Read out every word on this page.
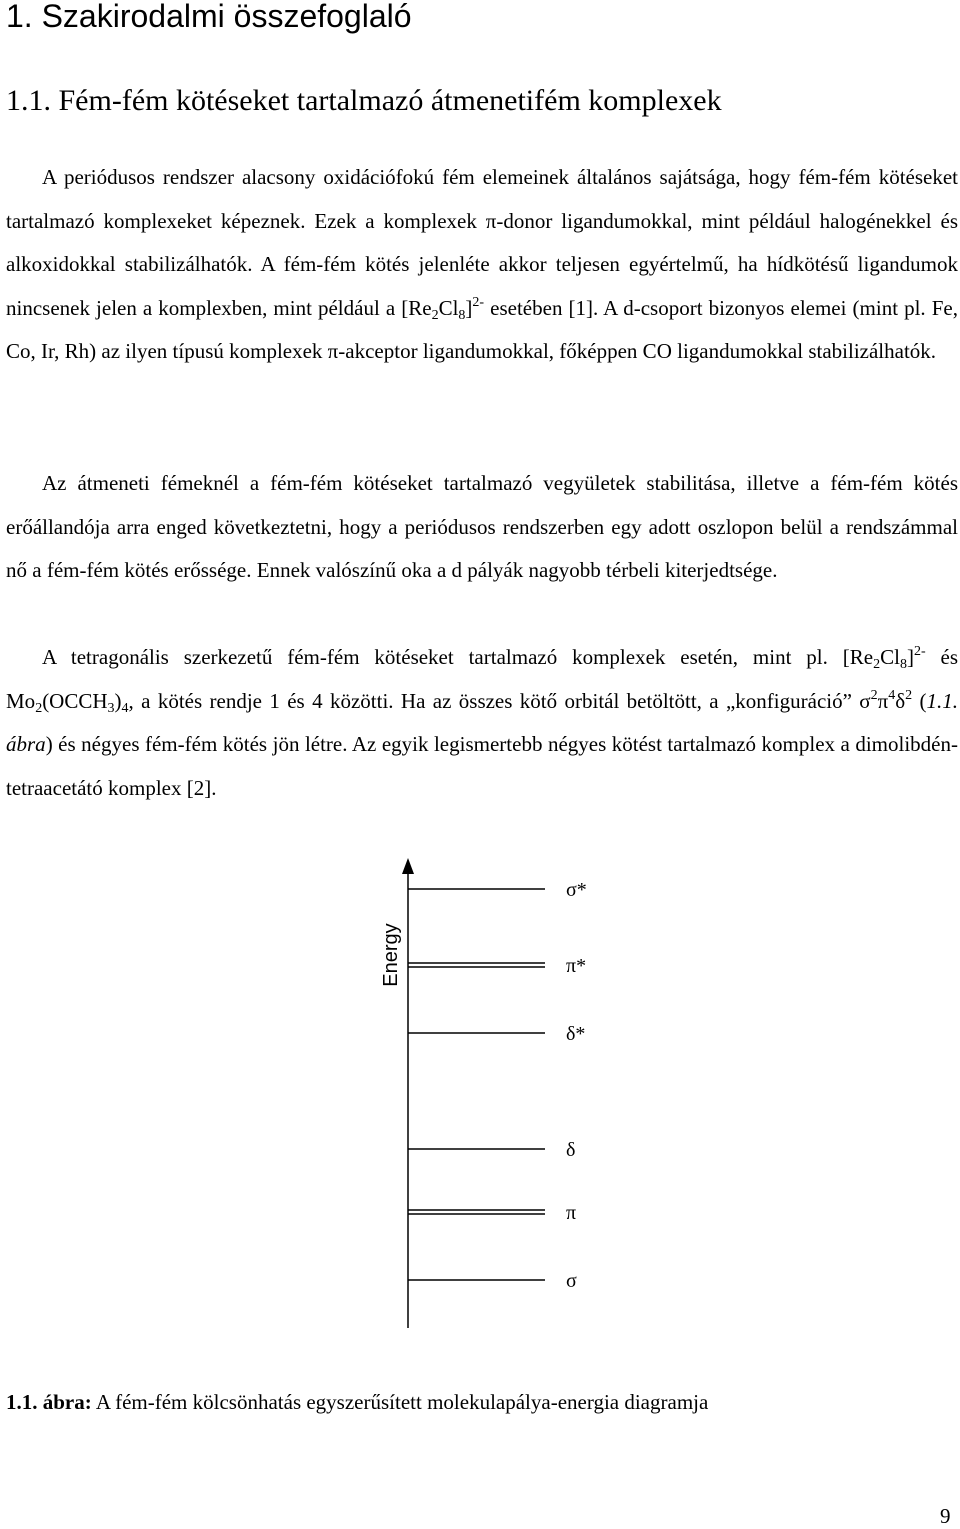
1. Szakirodalmi összefoglaló
1.1. Fém-fém kötéseket tartalmazó átmenetifém komplexek
A periódusos rendszer alacsony oxidációfokú fém elemeinek általános sajátsága, hogy fém-fém kötéseket tartalmazó komplexeket képeznek. Ezek a komplexek π-donor ligandumokkal, mint például halogénekkel és alkoxidokkal stabilizálhatók. A fém-fém kötés jelenléte akkor teljesen egyértelmű, ha hídkötésű ligandumok nincsenek jelen a komplexben, mint például a $[Re_2Cl_8]^{2-}$ esetében [1]. A d-csoport bizonyos elemei (mint pl. Fe, Co, Ir, Rh) az ilyen típusú komplexek π-akceptor ligandumokkal, főképpen CO ligandumokkal stabilizálhatók.
Az átmeneti fémeknél a fém-fém kötéseket tartalmazó vegyületek stabilitása, illetve a fém-fém kötés erőállandója arra enged következtetni, hogy a periódusos rendszerben egy adott oszlopon belül a rendszámmal nő a fém-fém kötés erőssége. Ennek valószínű oka a d pályák nagyobb térbeli kiterjedtsége.
A tetragonális szerkezetű fém-fém kötéseket tartalmazó komplexek esetén, mint pl. $[Re_2Cl_8]^{2-}$ és $Mo_2(OCCH_3)_4$, a kötés rendje 1 és 4 közötti. Ha az összes kötő orbitál betöltött, a „konfiguráció” $\sigma^2\pi^4\delta^2$ (1.1. ábra) és négyes fém-fém kötés jön létre. Az egyik legismertebb négyes kötést tartalmazó komplex a dimolibdén-tetraacetátó komplex [2].
Energy
σ*
π*
δ*
δ
π
σ
1.1. ábra: A fém-fém kölcsönhatás egyszerűsített molekulapálya-energia diagramja
9
